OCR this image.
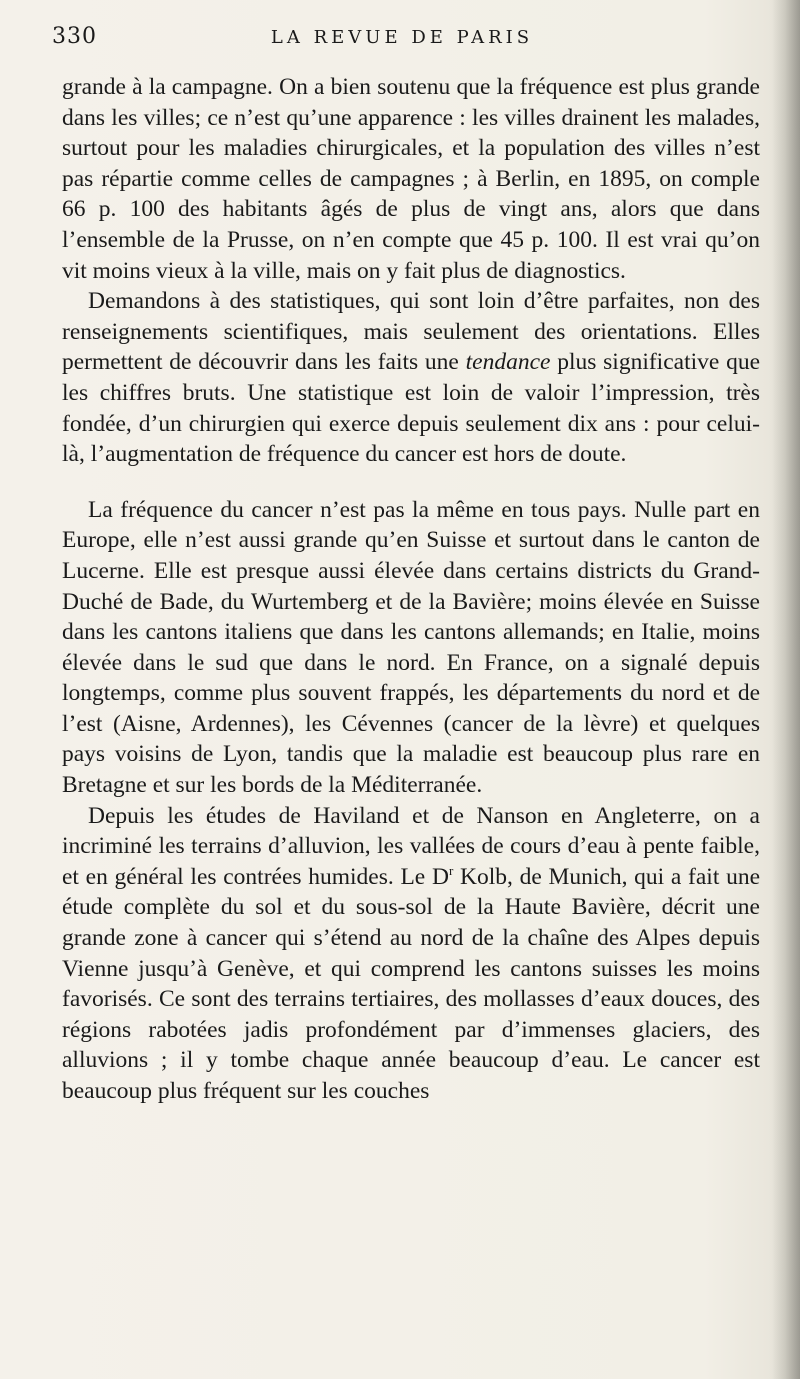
330	LA REVUE DE PARIS

grande à la campagne. On a bien soutenu que la fréquence est plus grande dans les villes; ce n’est qu’une apparence : les villes drainent les malades, surtout pour les maladies chirurgicales, et la population des villes n’est pas répartie comme celles de campagnes ; à Berlin, en 1895, on comple 66 p. 100 des habitants âgés de plus de vingt ans, alors que dans l’ensemble de la Prusse, on n’en compte que 45 p. 100. Il est vrai qu’on vit moins vieux à la ville, mais on y fait plus de diagnostics.

Demandons à des statistiques, qui sont loin d’être parfaites, non des renseignements scientifiques, mais seulement des orientations. Elles permettent de découvrir dans les faits une tendance plus significative que les chiffres bruts. Une statistique est loin de valoir l’impression, très fondée, d’un chirurgien qui exerce depuis seulement dix ans : pour celui-là, l’augmentation de fréquence du cancer est hors de doute.

La fréquence du cancer n’est pas la même en tous pays. Nulle part en Europe, elle n’est aussi grande qu’en Suisse et surtout dans le canton de Lucerne. Elle est presque aussi élevée dans certains districts du Grand-Duché de Bade, du Wurtemberg et de la Bavière; moins élevée en Suisse dans les cantons italiens que dans les cantons allemands; en Italie, moins élevée dans le sud que dans le nord. En France, on a signalé depuis longtemps, comme plus souvent frappés, les départements du nord et de l’est (Aisne, Ardennes), les Cévennes (cancer de la lèvre) et quelques pays voisins de Lyon, tandis que la maladie est beaucoup plus rare en Bretagne et sur les bords de la Méditerranée.

Depuis les études de Haviland et de Nanson en Angleterre, on a incriminé les terrains d’alluvion, les vallées de cours d’eau à pente faible, et en général les contrées humides. Le $D^r$ Kolb, de Munich, qui a fait une étude complète du sol et du sous-sol de la Haute Bavière, décrit une grande zone à cancer qui s’étend au nord de la chaîne des Alpes depuis Vienne jusqu’à Genève, et qui comprend les cantons suisses les moins favorisés. Ce sont des terrains tertiaires, des mollasses d’eaux douces, des régions rabotées jadis profondément par d’immenses glaciers, des alluvions ; il y tombe chaque année beaucoup d’eau. Le cancer est beaucoup plus fréquent sur les couches
